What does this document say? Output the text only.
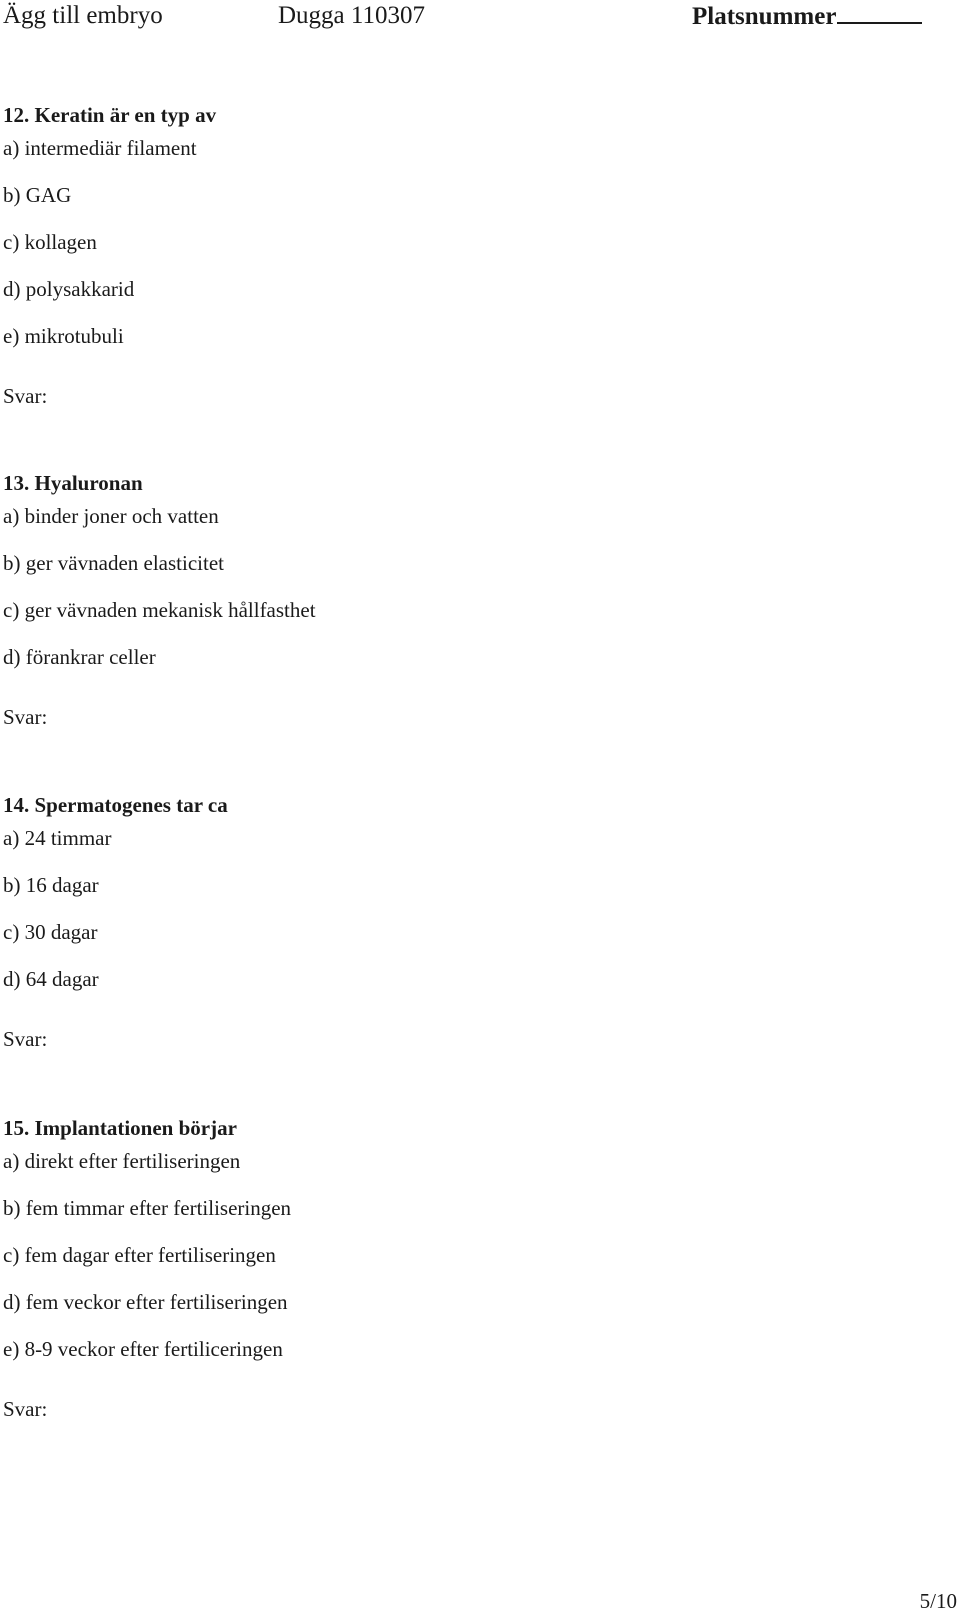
Ägg till embryo	Dugga 110307	Platsnummer
12. Keratin är en typ av
a) intermediär filament
b) GAG
c) kollagen
d) polysakkarid
e) mikrotubuli
Svar:
13. Hyaluronan
a) binder joner och vatten
b) ger vävnaden elasticitet
c) ger vävnaden mekanisk hållfasthet
d) förankrar celler
Svar:
14. Spermatogenes tar ca
a) 24 timmar
b) 16 dagar
c) 30 dagar
d) 64 dagar
Svar:
15. Implantationen börjar
a) direkt efter fertiliseringen
b) fem timmar efter fertiliseringen
c) fem dagar efter fertiliseringen
d) fem veckor efter fertiliseringen
e) 8-9 veckor efter fertiliceringen
Svar:
5/10
